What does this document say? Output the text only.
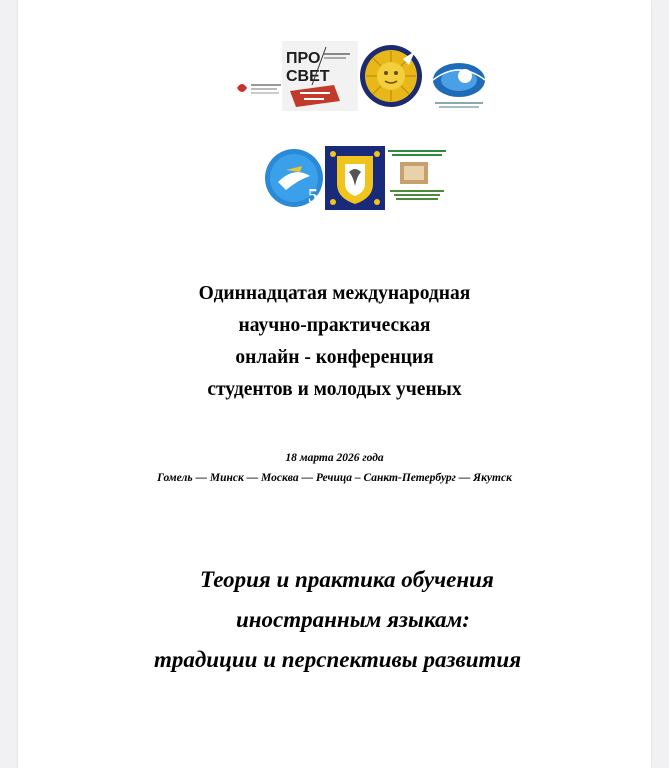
ПРО
СВЕТ
5
Одиннадцатая международная
научно-практическая
онлайн - конференция
студентов и молодых ученых
18 марта 2026 года
Гомель — Минск — Москва — Речица – Санкт-Петербург — Якутск
Теория и практика обучения
иностранным языкам:
традиции и перспективы развития
